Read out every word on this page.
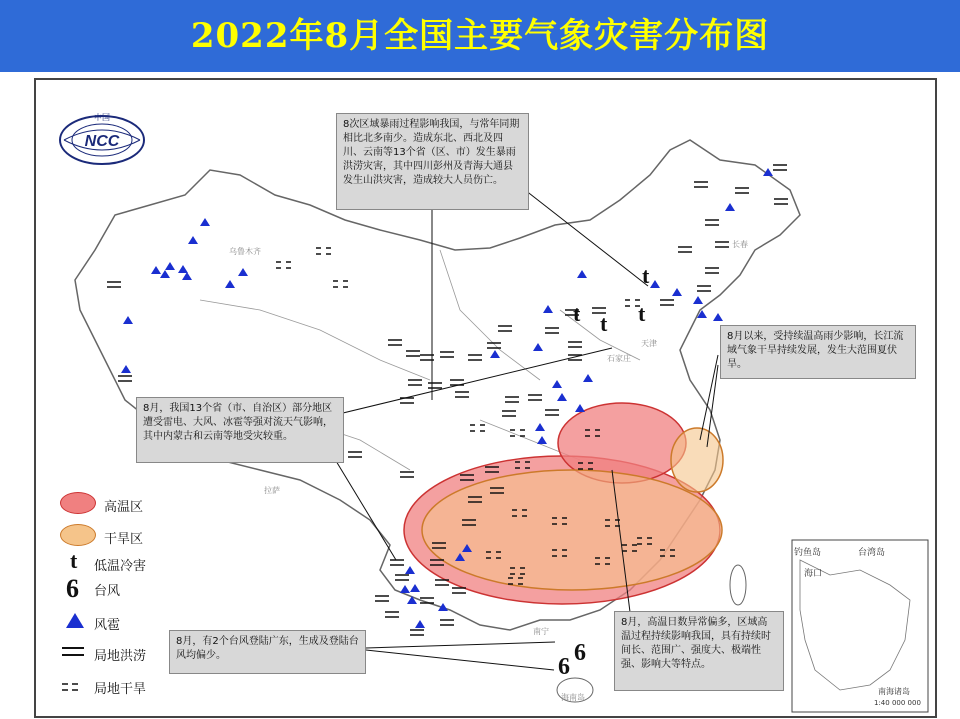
2022年8月全国主要气象灾害分布图
t
t t t
6
6
NCC
中国
8次区域暴雨过程影响我国，与常年同期相比北多南少。造成东北、西北及四川、云南等13个省（区、市）发生暴雨洪涝灾害，其中四川彭州及青海大通县发生山洪灾害，造成较大人员伤亡。
8月以来，受持续温高雨少影响，长江流域气象干旱持续发展，发生大范围夏伏旱。
8月，我国13个省（市、自治区）部分地区遭受雷电、大风、冰雹等强对流天气影响，其中内蒙古和云南等地受灾较重。
8月，有2个台风登陆广东，生成及登陆台风均偏少。
8月，高温日数异常偏多，区域高温过程持续影响我国，具有持续时间长、范围广、强度大、极端性强、影响大等特点。
乌鲁木齐
拉萨
石家庄
天津
长春
南宁
海口
台湾岛
钓鱼岛
海南岛
南海诸岛
1:40 000 000
高温区
干旱区
t 低温冷害
6 台风
风雹
局地洪涝
局地干旱
